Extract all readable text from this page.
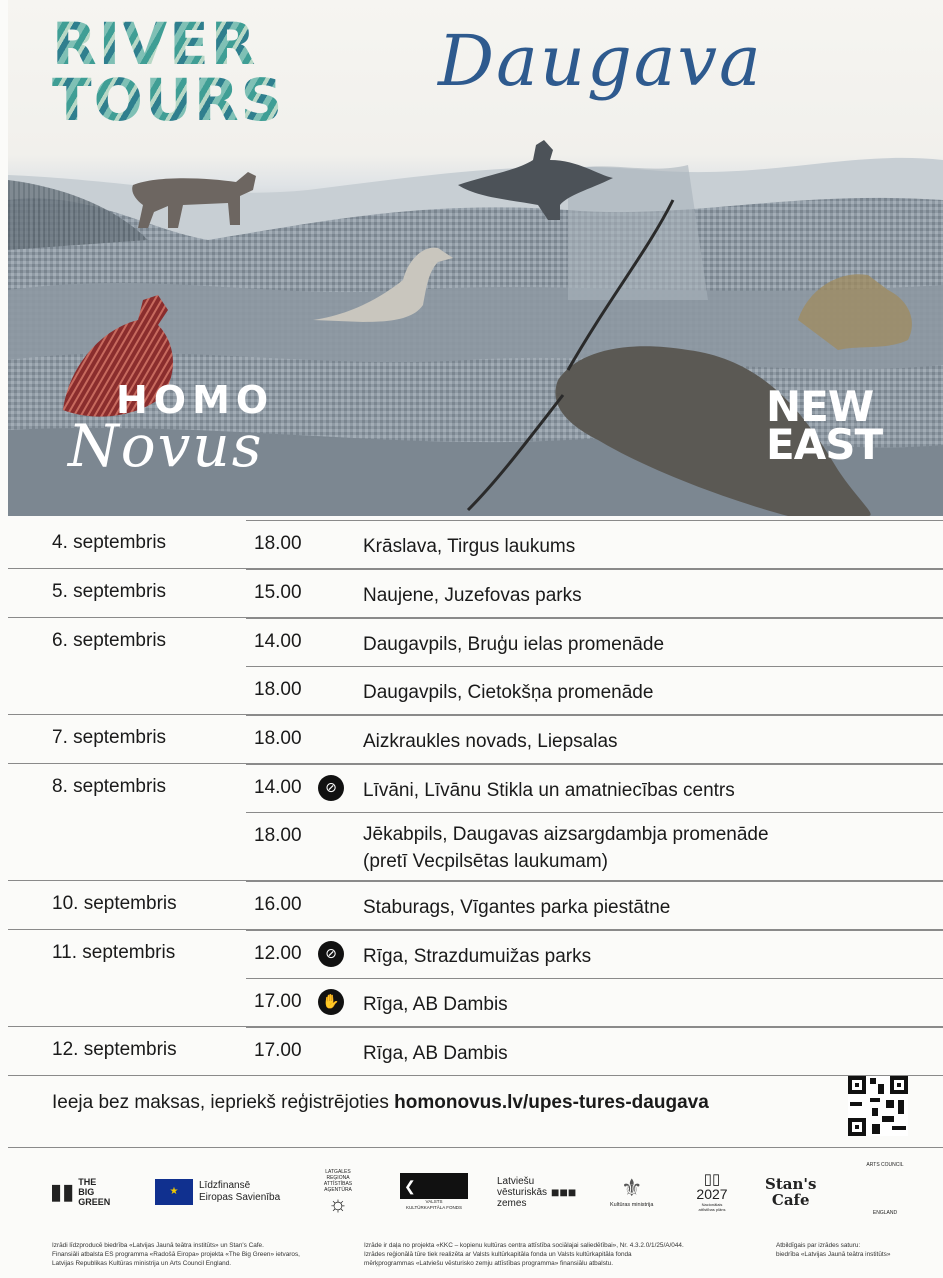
RIVER
TOURS Daugava
HOMO
Novus
NEW
EAST
4. septembris	18.00	Krāslava, Tirgus laukums
5. septembris	15.00	Naujene, Juzefovas parks
6. septembris	14.00	Daugavpils, Bruģu ielas promenāde
18.00	Daugavpils, Cietokšņa promenāde
7. septembris	18.00	Aizkraukles novads, Liepsalas
8. septembris	14.00	⊘	Līvāni, Līvānu Stikla un amatniecības centrs
18.00	Jēkabpils, Daugavas aizsargdambja promenāde
(pretī Vecpilsētas laukumam)
10. septembris	16.00	Staburags, Vīgantes parka piestātne
11. septembris	12.00	⊘	Rīga, Strazdumuižas parks
17.00	✋ Rīga, AB Dambis
12. septembris	17.00	Rīga, AB Dambis
Ieeja bez maksas, iepriekš reģistrējoties homonovus.lv/upes-tures-daugava
▮▮ THE
BIG
GREEN
★
Līdzfinansē
Eiropas Savienība
LATGALES
REĢIONA
ATTĪSTĪBAS
AĢENTŪRA
☼
❮
VALSTS
KULTŪRKAPITĀLA FONDS
Latviešu
vēsturiskās
zemes
■■■ ⚜
Kultūras ministrija
▯▯
2027
Nacionālais
attīstības plāns
Stan's
Cafe
ARTS COUNCIL
ENGLAND
Izrādi līdzproducē biedrība «Latvijas Jaunā teātra institūts» un Stan's Cafe.
Finansiāli atbalsta ES programma «Radošā Eiropa» projekta «The Big Green» ietvaros,
Latvijas Republikas Kultūras ministrija un Arts Council England.
Izrāde ir daļa no projekta «KKC – kopienu kultūras centra attīstība sociālajai saliedētībai», Nr. 4.3.2.0/1/25/A/044.
Izrādes reģionālā tūre tiek realizēta ar Valsts kultūrkapitāla fonda un Valsts kultūrkapitāla fonda
mērķprogrammas «Latviešu vēsturisko zemju attīstības programma» finansiālu atbalstu.
Atbildīgais par izrādes saturu:
biedrība «Latvijas Jaunā teātra institūts»
